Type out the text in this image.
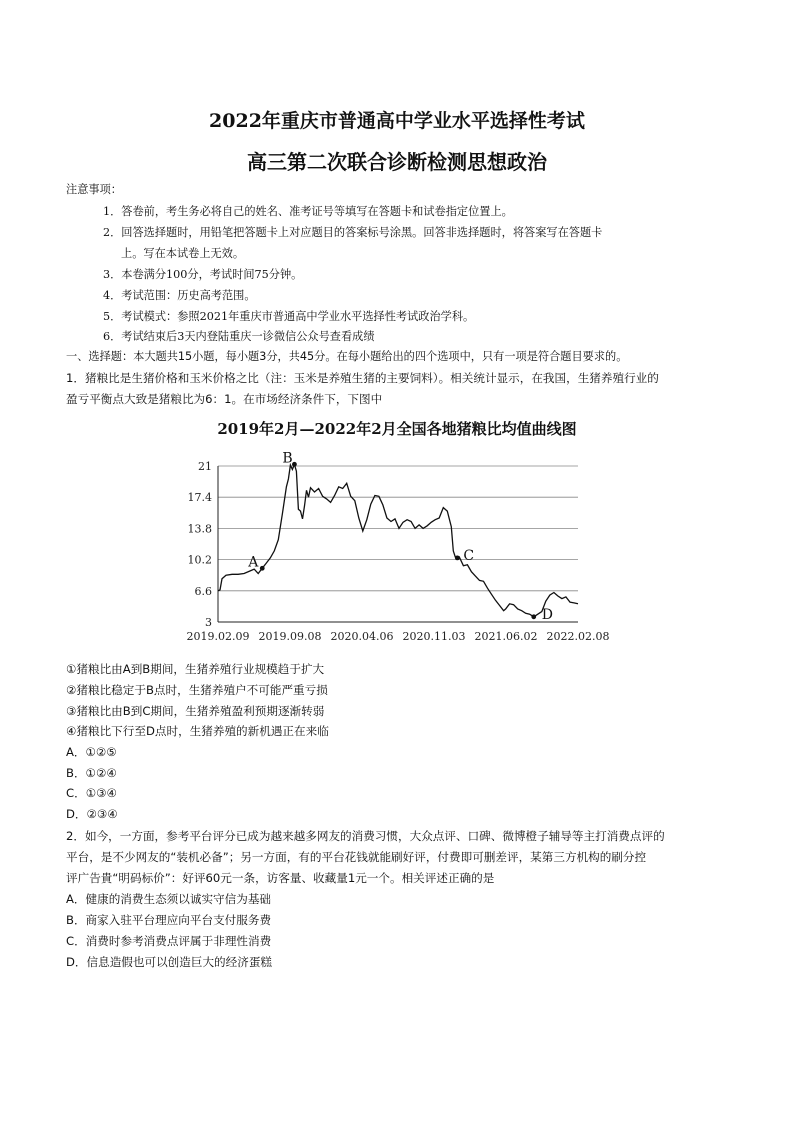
2022年重庆市普通高中学业水平选择性考试
高三第二次联合诊断检测思想政治
注意事项：
1．答卷前，考生务必将自己的姓名、准考证号等填写在答题卡和试卷指定位置上。
2．回答选择题时，用铅笔把答题卡上对应题目的答案标号涂黑。回答非选择题时，将答案写在答题卡
上。写在本试卷上无效。
3．本卷满分100分，考试时间75分钟。
4．考试范围：历史高考范围。
5．考试模式：参照2021年重庆市普通高中学业水平选择性考试政治学科。
6．考试结束后3天内登陆重庆一诊微信公众号查看成绩
一、选择题：本大题共15小题，每小题3分，共45分。在每小题给出的四个选项中，只有一项是符合题目要求的。
1．猪粮比是生猪价格和玉米价格之比（注：玉米是养殖生猪的主要饲料）。相关统计显示，在我国，生猪养殖行业的
盈亏平衡点大致是猪粮比为6：1。在市场经济条件下，下图中
2019年2月—2022年2月全国各地猪粮比均值曲线图
3
6.6
10.2
13.8
17.4
21
2019.02.09 2019.09.08 2020.04.06 2020.11.03 2021.06.02 2022.02.08
A
B
C
D
①猪粮比由A到B期间，生猪养殖行业规模趋于扩大
②猪粮比稳定于B点时，生猪养殖户不可能严重亏损
③猪粮比由B到C期间，生猪养殖盈利预期逐渐转弱
④猪粮比下行至D点时，生猪养殖的新机遇正在来临
A．①②⑤
B．①②④
C．①③④
D．②③④
2．如今，一方面，参考平台评分已成为越来越多网友的消费习惯，大众点评、口碑、微博橙子辅导等主打消费点评的
平台，是不少网友的“装机必备”；另一方面，有的平台花钱就能刷好评，付费即可删差评，某第三方机构的刷分控
评广告貴“明码标价”：好评60元一条，访客量、收藏量1元一个。相关评述正确的是
A．健康的消费生态须以诚实守信为基础
B．商家入驻平台理应向平台支付服务费
C．消费时参考消费点评属于非理性消费
D．信息造假也可以创造巨大的经济蛋糕
